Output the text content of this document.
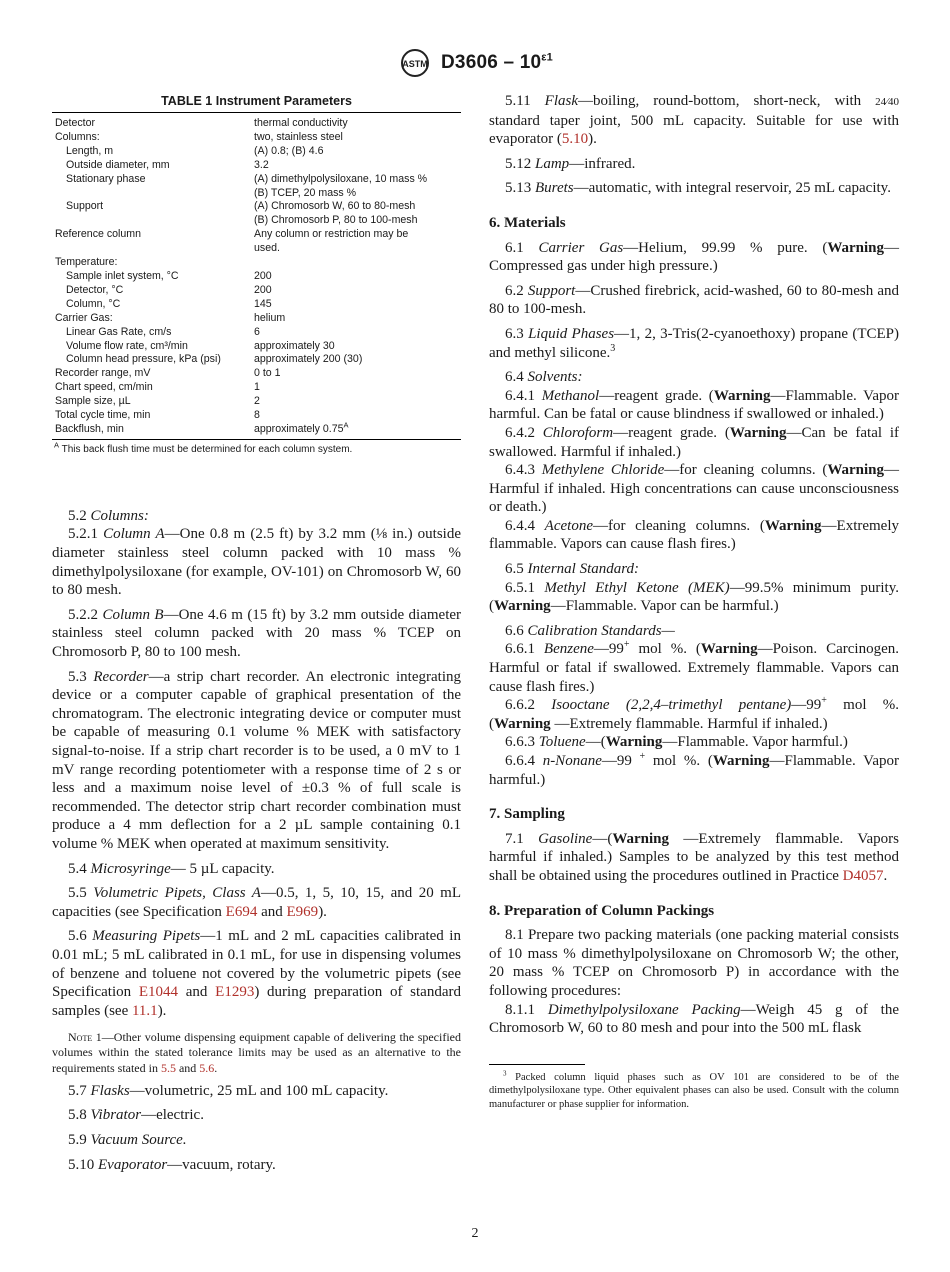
ASTM $D3606 - 10^{\varepsilon 1}$
TABLE 1 Instrument Parameters
Detector	thermal conductivity
Columns:	two, stainless steel
Length, m	(A) 0.8; (B) 4.6
Outside diameter, mm	3.2
Stationary phase	(A) dimethylpolysiloxane, 10 mass %
	(B) TCEP, 20 mass %
Support	(A) Chromosorb W, 60 to 80-mesh
	(B) Chromosorb P, 80 to 100-mesh
Reference column	Any column or restriction may be
	used.
Temperature:	
Sample inlet system, °C	200
Detector, °C	200
Column, °C	145
Carrier Gas:	helium
Linear Gas Rate, cm/s	6
Volume flow rate, cm³/min	approximately 30
Column head pressure, kPa (psi)	approximately 200 (30)
Recorder range, mV	0 to 1
Chart speed, cm/min	1
Sample size, µL	2
Total cycle time, min	8
Backflush, min	approximately $0.75^A$
$^A$ This back flush time must be determined for each column system.

5.2 Columns:

5.2.1 Column A—One 0.8 m (2.5 ft) by 3.2 mm (⅛ in.) outside diameter stainless steel column packed with 10 mass % dimethylpolysiloxane (for example, OV-101) on Chromosorb W, 60 to 80 mesh.

5.2.2 Column B—One 4.6 m (15 ft) by 3.2 mm outside diameter stainless steel column packed with 20 mass % TCEP on Chromosorb P, 80 to 100 mesh.

5.3 Recorder—a strip chart recorder. An electronic integrating device or a computer capable of graphical presentation of the chromatogram. The electronic integrating device or computer must be capable of measuring 0.1 volume % MEK with satisfactory signal-to-noise. If a strip chart recorder is to be used, a 0 mV to 1 mV range recording potentiometer with a response time of 2 s or less and a maximum noise level of ±0.3 % of full scale is recommended. The detector strip chart recorder combination must produce a 4 mm deflection for a 2 µL sample containing 0.1 volume % MEK when operated at maximum sensitivity.

5.4 Microsyringe— 5 µL capacity.

5.5 Volumetric Pipets, Class A—0.5, 1, 5, 10, 15, and 20 mL capacities (see Specification E694 and E969).

5.6 Measuring Pipets—1 mL and 2 mL capacities calibrated in 0.01 mL; 5 mL calibrated in 0.1 mL, for use in dispensing volumes of benzene and toluene not covered by the volumetric pipets (see Specification E1044 and E1293) during preparation of standard samples (see 11.1).

Note 1—Other volume dispensing equipment capable of delivering the specified volumes within the stated tolerance limits may be used as an alternative to the requirements stated in 5.5 and 5.6.

5.7 Flasks—volumetric, 25 mL and 100 mL capacity.

5.8 Vibrator—electric.

5.9 Vacuum Source.

5.10 Evaporator—vacuum, rotary.

5.11 Flask—boiling, round-bottom, short-neck, with 24⁄40 standard taper joint, 500 mL capacity. Suitable for use with evaporator (5.10).

5.12 Lamp—infrared.

5.13 Burets—automatic, with integral reservoir, 25 mL capacity.

6. Materials

6.1 Carrier Gas—Helium, 99.99 % pure. (Warning—Compressed gas under high pressure.)

6.2 Support—Crushed firebrick, acid-washed, 60 to 80-mesh and 80 to 100-mesh.

6.3 Liquid Phases—1, 2, 3-Tris(2-cyanoethoxy) propane (TCEP) and methyl silicone.$^3$

6.4 Solvents:

6.4.1 Methanol—reagent grade. (Warning—Flammable. Vapor harmful. Can be fatal or cause blindness if swallowed or inhaled.)

6.4.2 Chloroform—reagent grade. (Warning—Can be fatal if swallowed. Harmful if inhaled.)

6.4.3 Methylene Chloride—for cleaning columns. (Warning—Harmful if inhaled. High concentrations can cause unconsciousness or death.)

6.4.4 Acetone—for cleaning columns. (Warning—Extremely flammable. Vapors can cause flash fires.)

6.5 Internal Standard:

6.5.1 Methyl Ethyl Ketone (MEK)—99.5% minimum purity. (Warning—Flammable. Vapor can be harmful.)

6.6 Calibration Standards—

6.6.1 Benzene—99+ mol %. (Warning—Poison. Carcinogen. Harmful or fatal if swallowed. Extremely flammable. Vapors can cause flash fires.)

6.6.2 Isooctane (2,2,4–trimethyl pentane)—99+ mol %. (Warning —Extremely flammable. Harmful if inhaled.)

6.6.3 Toluene—(Warning—Flammable. Vapor harmful.)

6.6.4 n-Nonane—99 + mol %. (Warning—Flammable. Vapor harmful.)

7. Sampling

7.1 Gasoline—(Warning —Extremely flammable. Vapors harmful if inhaled.) Samples to be analyzed by this test method shall be obtained using the procedures outlined in Practice D4057.

8. Preparation of Column Packings

8.1 Prepare two packing materials (one packing material consists of 10 mass % dimethylpolysiloxane on Chromosorb W; the other, 20 mass % TCEP on Chromosorb P) in accordance with the following procedures:

8.1.1 Dimethylpolysiloxane Packing—Weigh 45 g of the Chromosorb W, 60 to 80 mesh and pour into the 500 mL flask

$^3$ Packed column liquid phases such as OV 101 are considered to be of the dimethylpolysiloxane type. Other equivalent phases can also be used. Consult with the column manufacturer or phase supplier for information.

2
